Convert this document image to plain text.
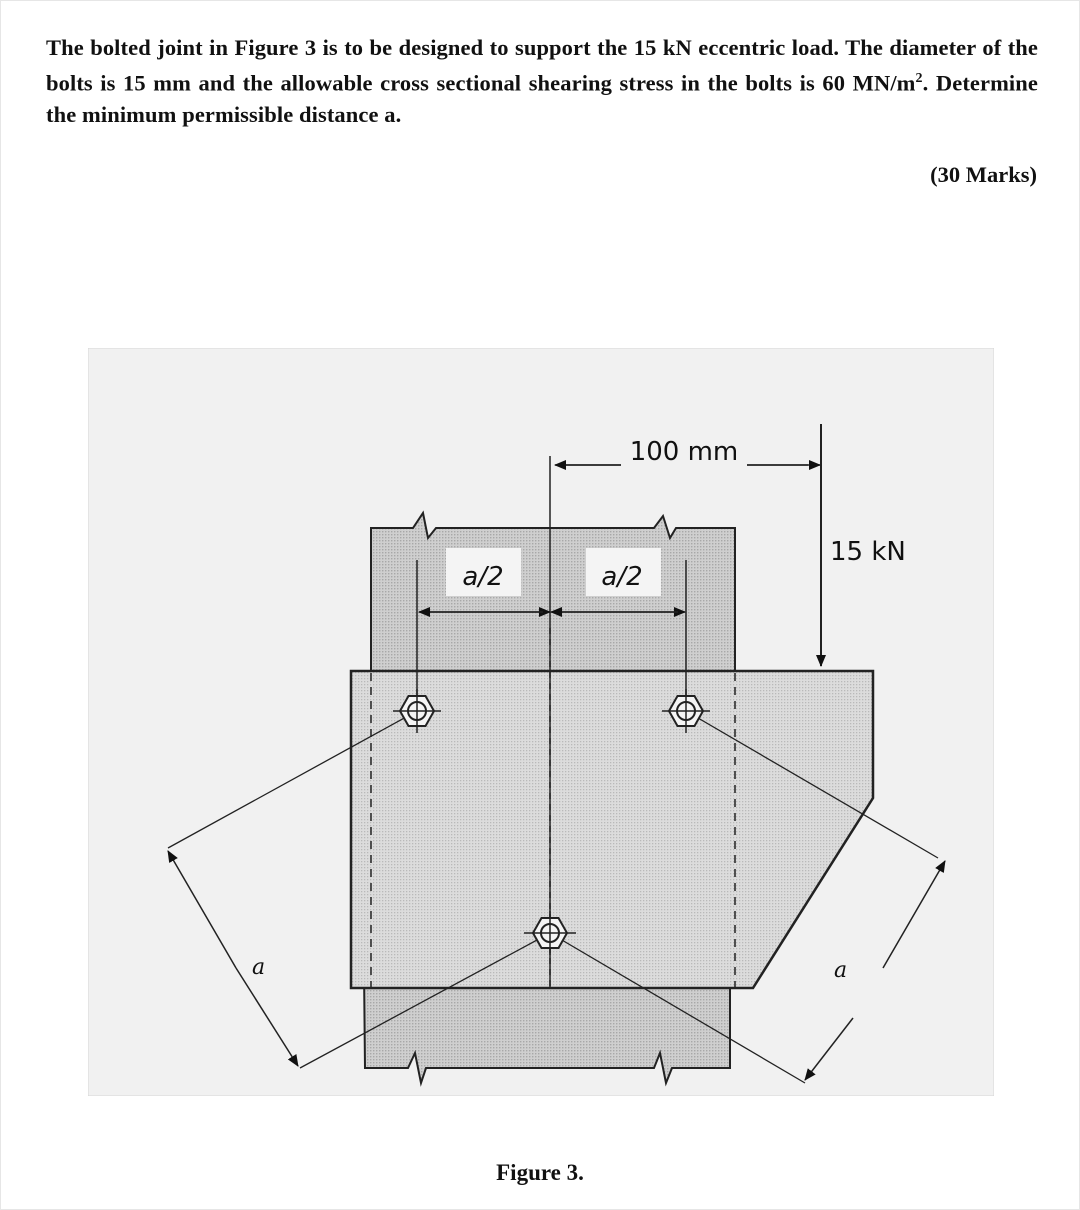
The bolted joint in Figure 3 is to be designed to support the 15 kN eccentric load. The diameter of the bolts is 15 mm and the allowable cross sectional shearing stress in the bolts is 60 $MN/m^2$. Determine the minimum permissible distance a.

(30 Marks)
100 mm
15 kN
a/2	a/2
a	a
Figure 3.
